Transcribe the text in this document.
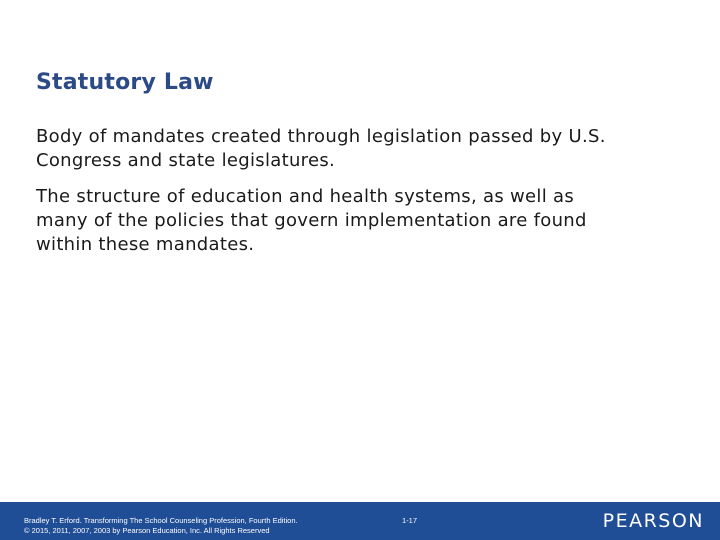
Statutory Law

Body of mandates created through legislation passed by U.S.
Congress and state legislatures.

The structure of education and health systems, as well as
many of the policies that govern implementation are found
within these mandates.

Bradley T. Erford. Transforming The School Counseling Profession, Fourth Edition.
© 2015, 2011, 2007, 2003 by Pearson Education, Inc. All Rights Reserved
1-17	PEARSON
